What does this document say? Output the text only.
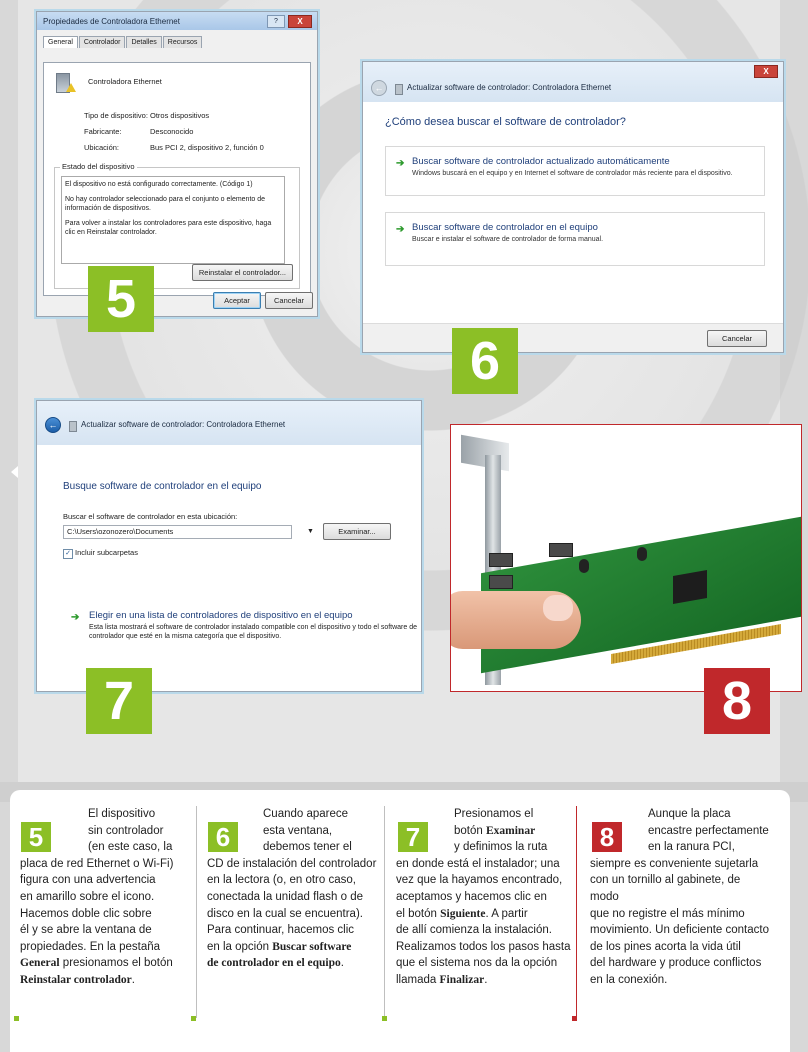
Propiedades de Controladora Ethernet	?	X
General	Controlador	Detalles	Recursos
Controladora Ethernet
Tipo de dispositivo: Otros dispositivos
Fabricante:	Desconocido
Ubicación:	Bus PCI 2, dispositivo 2, función 0
Estado del dispositivo

El dispositivo no está configurado correctamente. (Código 1)

No hay controlador seleccionado para el conjunto o elemento de información de dispositivos.

Para volver a instalar los controladores para este dispositivo, haga clic en Reinstalar controlador.

Reinstalar el controlador...
Aceptar	Cancelar
5
X
←	Actualizar software de controlador: Controladora Ethernet
¿Cómo desea buscar el software de controlador?
➔ Buscar software de controlador actualizado automáticamente
Windows buscará en el equipo y en Internet el software de controlador más reciente para el dispositivo.
➔ Buscar software de controlador en el equipo
Buscar e instalar el software de controlador de forma manual.
Cancelar
6
←	Actualizar software de controlador: Controladora Ethernet
Busque software de controlador en el equipo
Buscar el software de controlador en esta ubicación:
C:\Users\ozonozero\Documents	▼	Examinar...
✓ Incluir subcarpetas
➔ Elegir en una lista de controladores de dispositivo en el equipo
Esta lista mostrará el software de controlador instalado compatible con el dispositivo y todo el software de controlador que esté en la misma categoría que el dispositivo.
7	8
5

El dispositivo

sin controlador

(en este caso, la

placa de red Ethernet o Wi-Fi)

figura con una advertencia

en amarillo sobre el icono.

Hacemos doble clic sobre

él y se abre la ventana de

propiedades. En la pestaña

General presionamos el botón

Reinstalar controlador.

6

Cuando aparece

esta ventana,

debemos tener el

CD de instalación del controlador

en la lectora (o, en otro caso,

conectada la unidad flash o de

disco en la cual se encuentra).

Para continuar, hacemos clic

en la opción Buscar software

de controlador en el equipo.

7

Presionamos el

botón Examinar

y definimos la ruta

en donde está el instalador; una

vez que la hayamos encontrado,

aceptamos y hacemos clic en

el botón Siguiente. A partir

de allí comienza la instalación.

Realizamos todos los pasos hasta

que el sistema nos da la opción

llamada Finalizar.

8

Aunque la placa

encastre perfectamente

en la ranura PCI,

siempre es conveniente sujetarla

con un tornillo al gabinete, de modo

que no registre el más mínimo

movimiento. Un deficiente contacto

de los pines acorta la vida útil

del hardware y produce conflictos

en la conexión.
